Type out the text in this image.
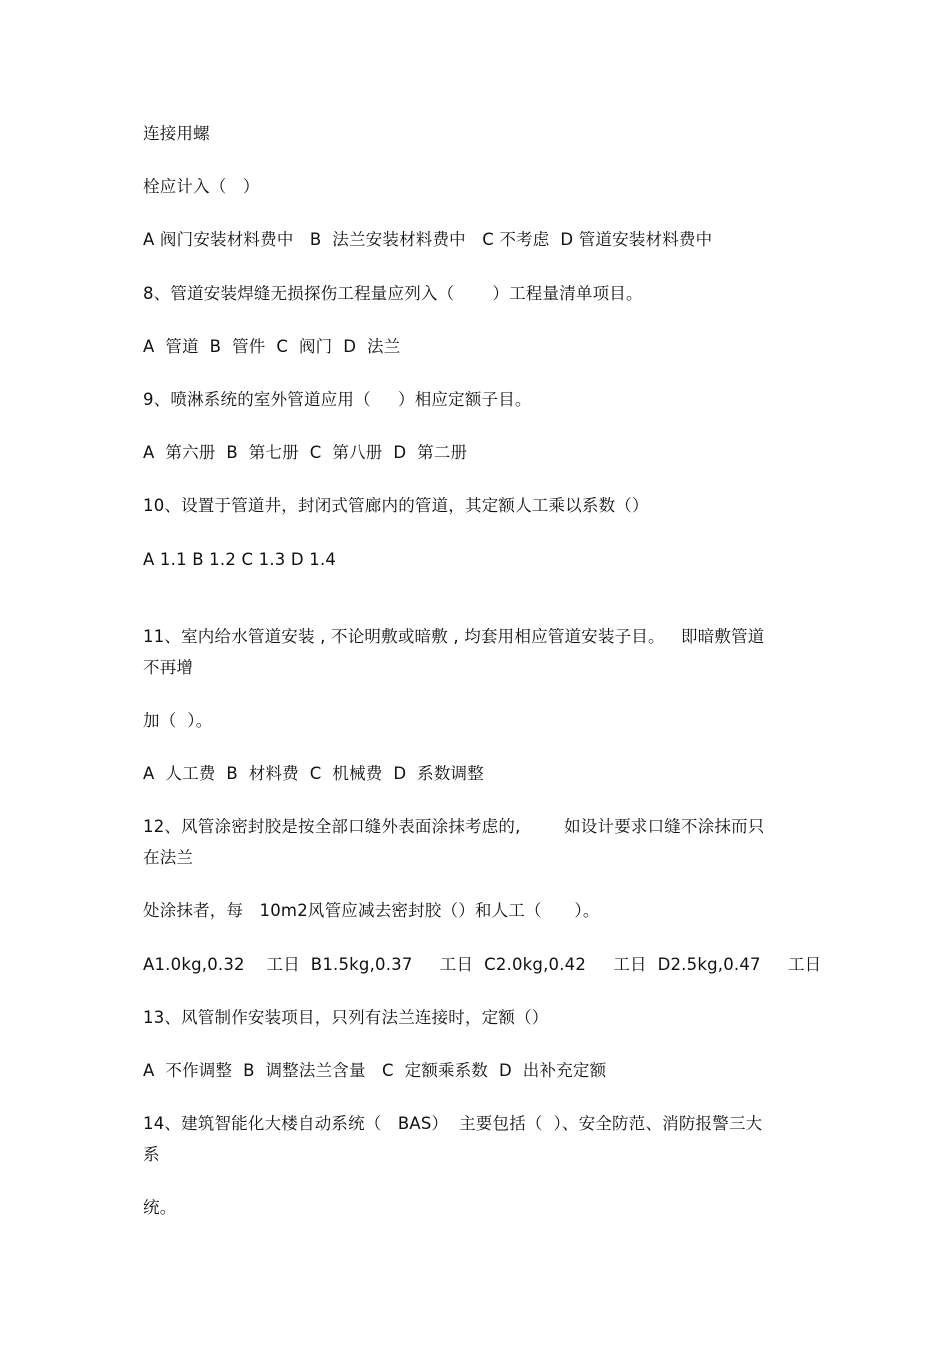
连接用螺
栓应计入（   ）
A 阀门安装材料费中   B  法兰安装材料费中   C 不考虑  D 管道安装材料费中
8、管道安装焊缝无损探伤工程量应列入（       ）工程量清单项目。
A  管道  B  管件  C  阀门  D  法兰
9、喷淋系统的室外管道应用（     ）相应定额子目。
A  第六册  B  第七册  C  第八册  D  第二册
10、设置于管道井，封闭式管廊内的管道，其定额人工乘以系数（）
A 1.1 B 1.2 C 1.3 D 1.4
11、室内给水管道安装 , 不论明敷或暗敷 , 均套用相应管道安装子目。   即暗敷管道
不再增
加（  ）。
A  人工费  B  材料费  C  机械费  D  系数调整
12、风管涂密封胶是按全部口缝外表面涂抹考虑的,        如设计要求口缝不涂抹而只
在法兰
处涂抹者，每   10m2风管应减去密封胶（）和人工（      ）。
A1.0kg,0.32    工日  B1.5kg,0.37     工日  C2.0kg,0.42     工日  D2.5kg,0.47     工日
13、风管制作安装项目，只列有法兰连接时，定额（）
A  不作调整  B  调整法兰含量   C  定额乘系数  D  出补充定额
14、建筑智能化大楼自动系统（   BAS）  主要包括（  ）、安全防范、消防报警三大
系
统。
